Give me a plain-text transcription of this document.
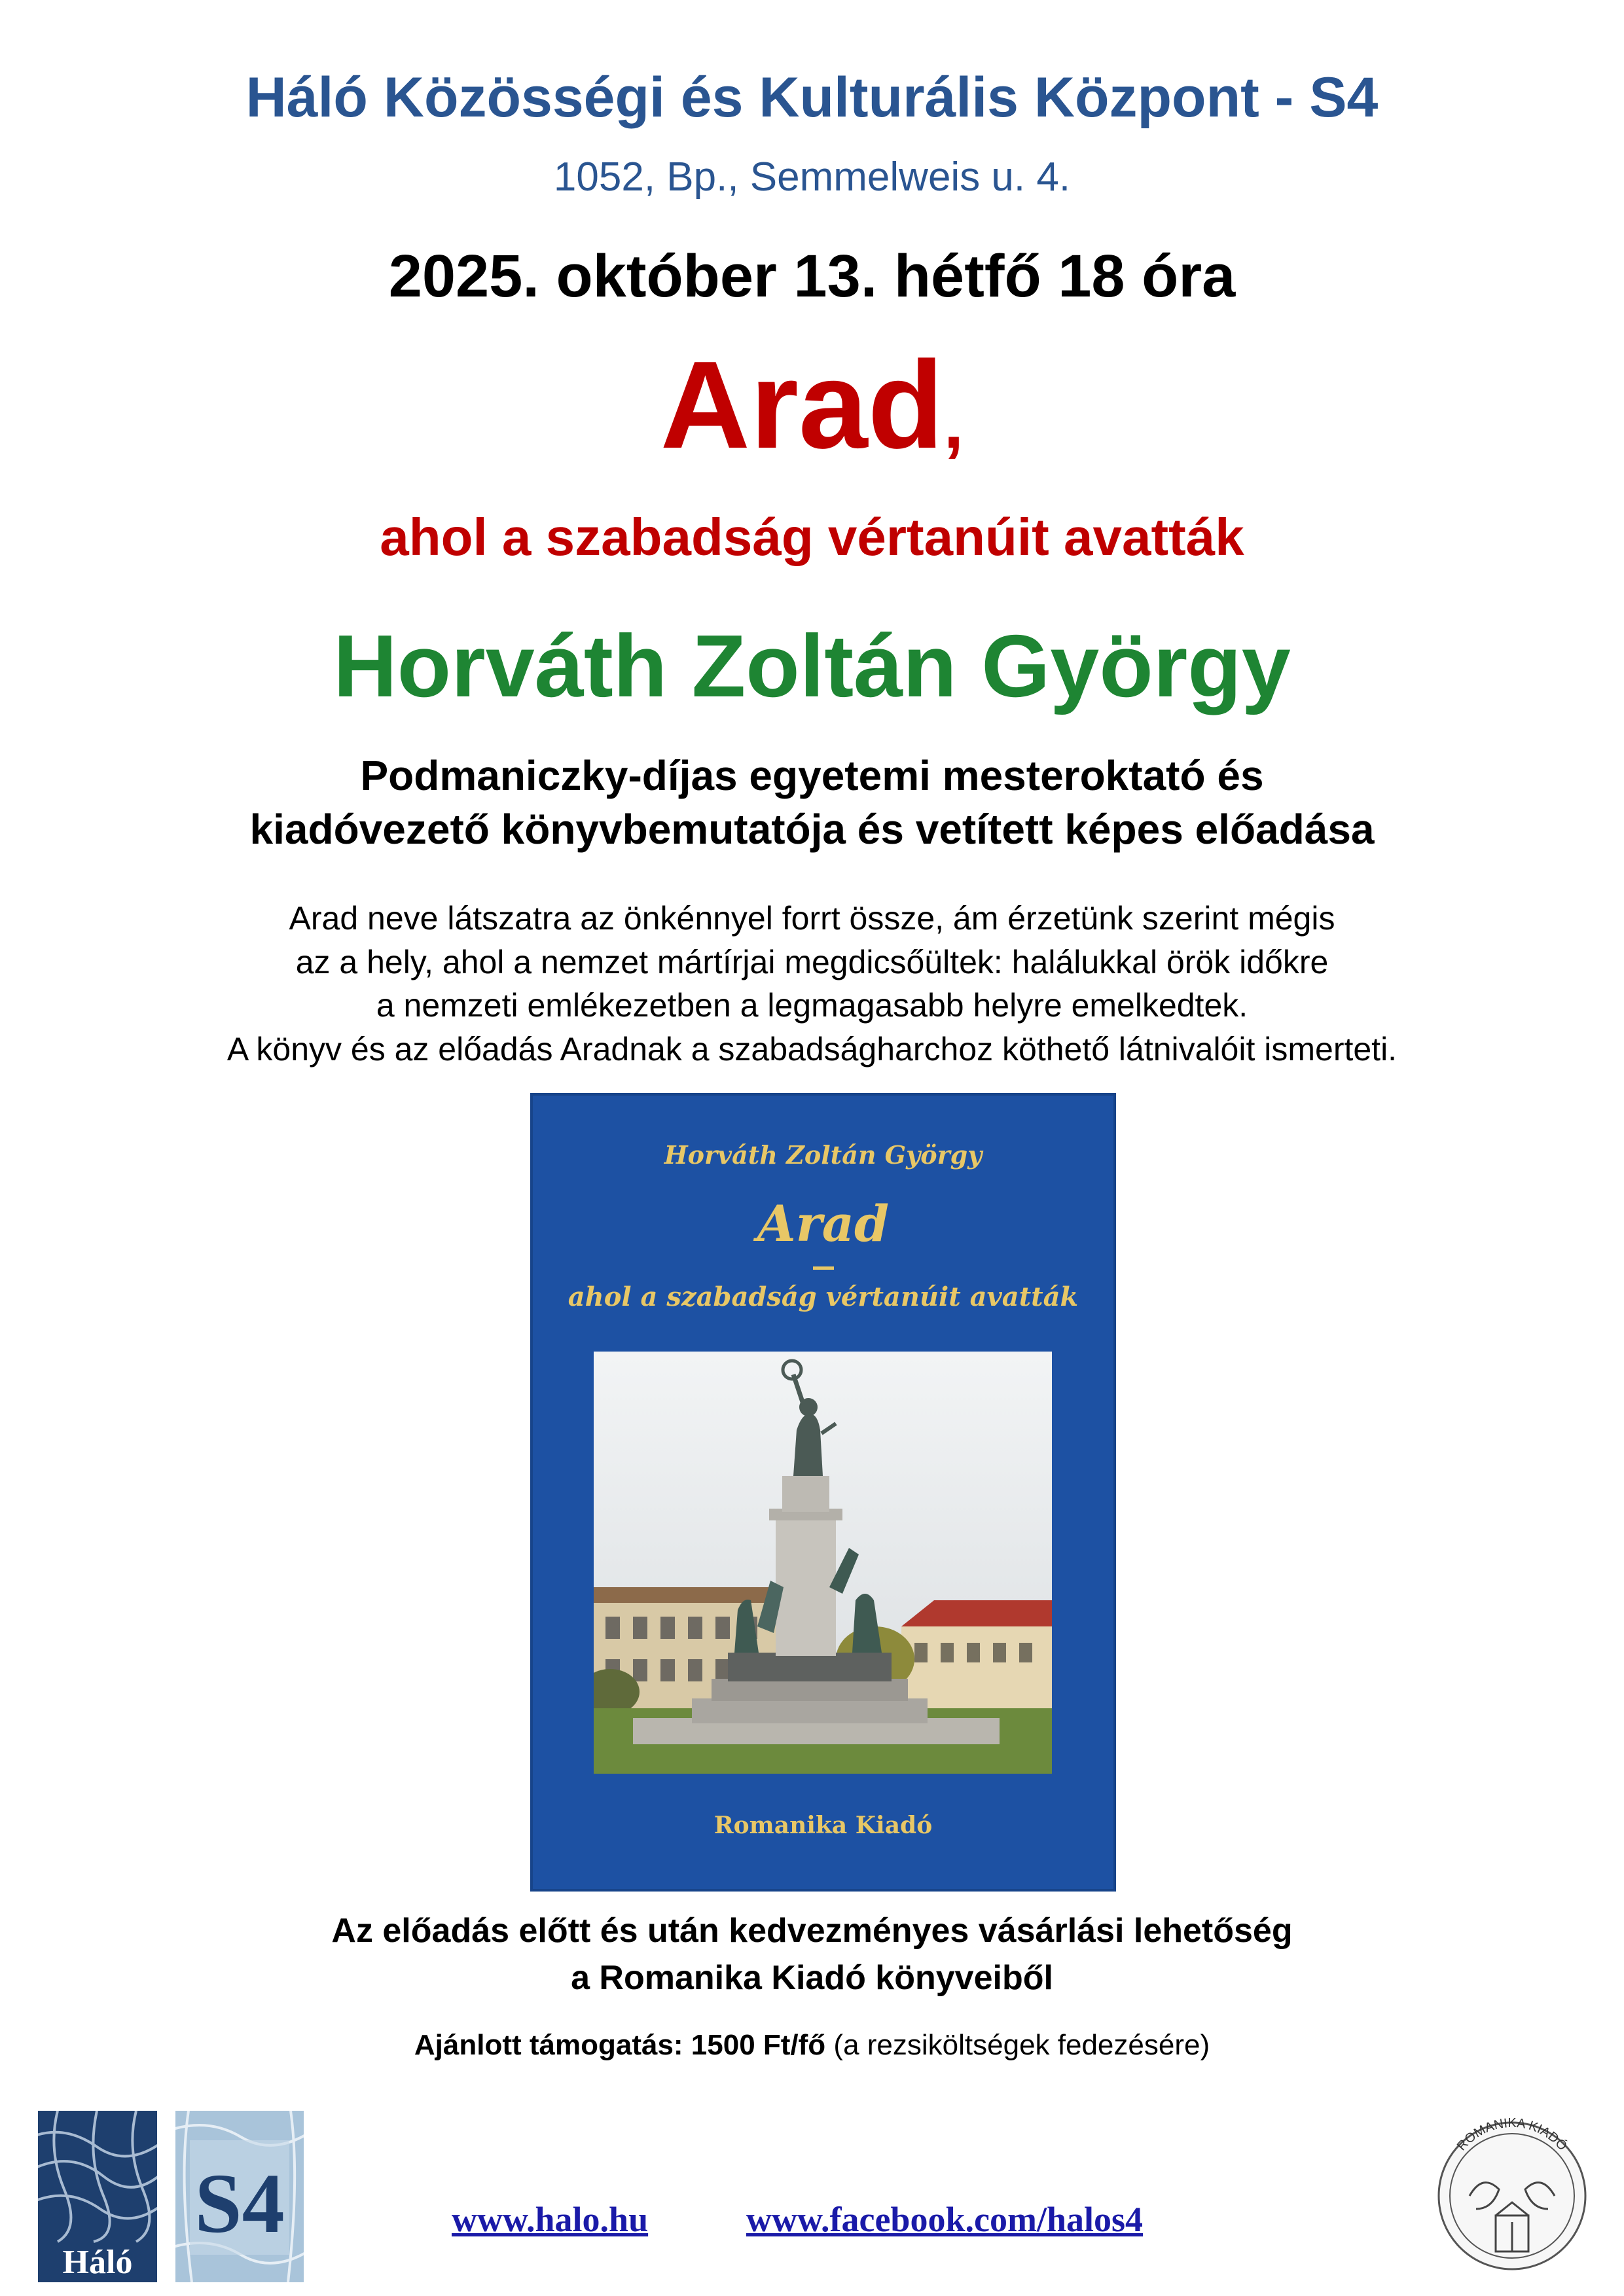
Háló Közösségi és Kulturális Központ - S4
1052, Bp., Semmelweis u. 4.
2025. október 13. hétfő 18 óra
Arad,
ahol a szabadság vértanúit avatták
Horváth Zoltán György
Podmaniczky-díjas egyetemi mesteroktató és
kiadóvezető könyvbemutatója és vetített képes előadása
Arad neve látszatra az önkénnyel forrt össze, ám érzetünk szerint mégis
az a hely, ahol a nemzet mártírjai megdicsőültek: halálukkal örök időkre
a nemzeti emlékezetben a legmagasabb helyre emelkedtek.
A könyv és az előadás Aradnak a szabadságharchoz köthető látnivalóit ismerteti.
Horváth Zoltán György
Arad
ahol a szabadság vértanúit avatták
Romanika Kiadó
Az előadás előtt és után kedvezményes vásárlási lehetőség
a Romanika Kiadó könyveiből
Ajánlott támogatás: 1500 Ft/fő (a rezsiköltségek fedezésére)
Háló
S4	www.halo.hu	www.facebook.com/halos4
ROMANIKA KIADÓ
